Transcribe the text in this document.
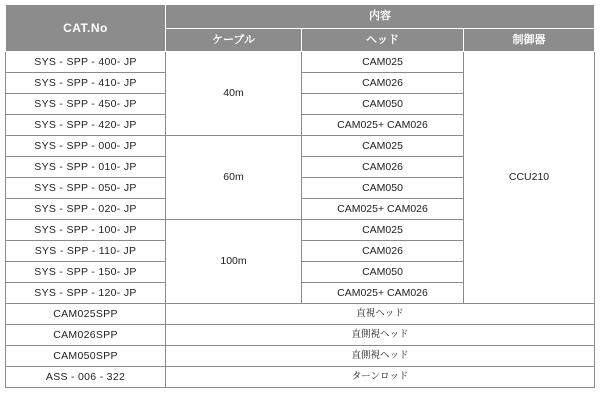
CAT.No	内容		
	ケーブル	ヘッド	制御器
SYS - SPP - 400- JP	40m	CAM025	CCU210
SYS - SPP - 410- JP		CAM026	
SYS - SPP - 450- JP		CAM050	
SYS - SPP - 420- JP		CAM025+ CAM026	
SYS - SPP - 000- JP	60m	CAM025	
SYS - SPP - 010- JP		CAM026	
SYS - SPP - 050- JP		CAM050	
SYS - SPP - 020- JP		CAM025+ CAM026	
SYS - SPP - 100- JP	100m	CAM025	
SYS - SPP - 110- JP		CAM026	
SYS - SPP - 150- JP		CAM050	
SYS - SPP - 120- JP		CAM025+ CAM026	
CAM025SPP	直視ヘッド		
CAM026SPP	直側視ヘッド		
CAM050SPP	直側視ヘッド		
ASS - 006 - 322	ターンロッド		
